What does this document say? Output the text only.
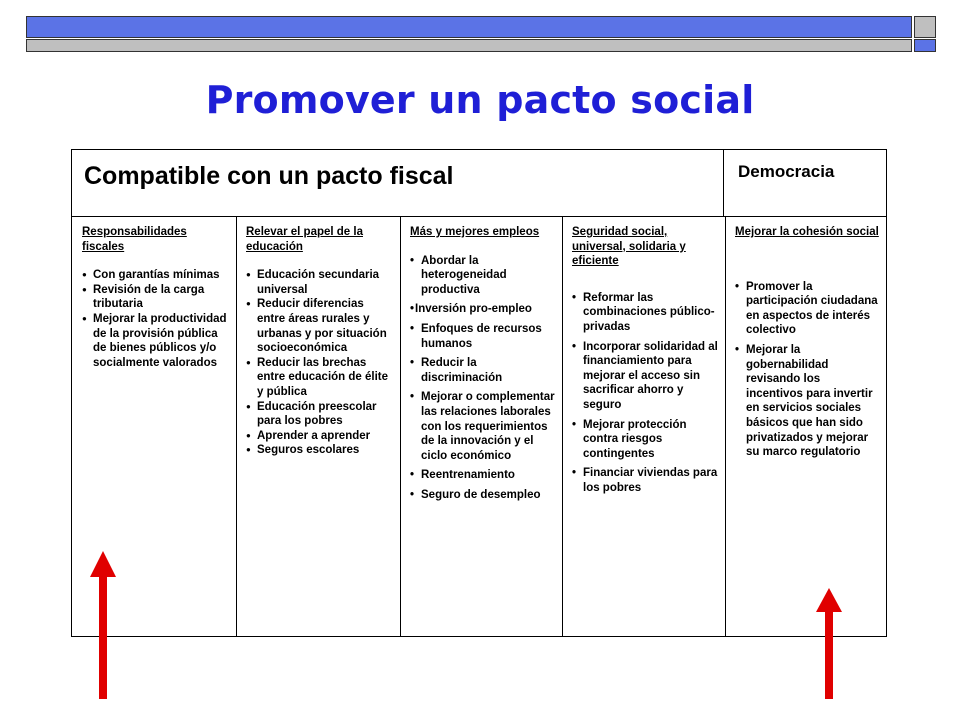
Promover un pacto social
Compatible con un pacto fiscal	Democracia
Responsabilidades fiscales
● Con garantías mínimas
● Revisión de la carga tributaria
● Mejorar la productividad de la provisión pública de bienes públicos y/o socialmente valorados
Relevar el papel de la educación
● Educación secundaria universal
● Reducir diferencias entre áreas rurales y urbanas y por situación socioeconómica
● Reducir las brechas entre educación de élite y pública
● Educación preescolar para los pobres
● Aprender a aprender
● Seguros escolares
Más y mejores empleos
• Abordar la heterogeneidad productiva
• Inversión pro-empleo
• Enfoques de recursos humanos
• Reducir la discriminación
• Mejorar o complementar las relaciones laborales con los requerimientos de la innovación y el ciclo económico
• Reentrenamiento
• Seguro de desempleo
Seguridad social, universal, solidaria y eficiente
• Reformar las combinaciones público-privadas
• Incorporar solidaridad al financiamiento para mejorar el acceso sin sacrificar ahorro y seguro
• Mejorar protección contra riesgos contingentes
• Financiar viviendas para los pobres
Mejorar la cohesión social
• Promover la participación ciudadana en aspectos de interés colectivo
• Mejorar la gobernabilidad revisando los incentivos para invertir en servicios sociales básicos que han sido privatizados y mejorar su marco regulatorio
